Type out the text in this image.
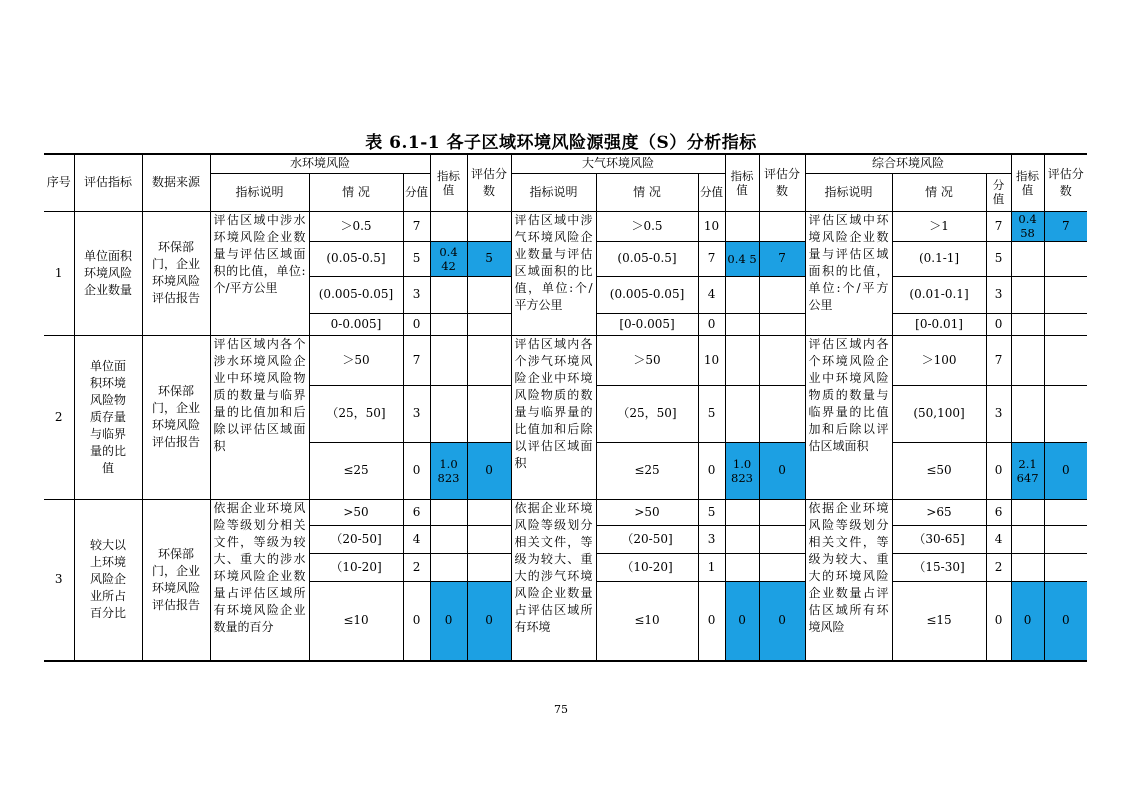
表 6.1-1 各子区域环境风险源强度（S）分析指标
序号	评估指标	数据来源	水环境风险			指标值	评估分数	大气环境风险			指标值	评估分数	综合环境风险			指标值	评估分数
			指标说明	情 况	分值			指标说明	情 况	分值			指标说明	情 况	分值		
1	单位面积环境风险企业数量	环保部门，企业环境风险评估报告	评估区域中涉水环境风险企业数量与评估区域面积的比值，单位:个/平方公里	＞0.5	7			评估区域中涉气环境风险企业数量与评估区域面积的比值，单位:个/平方公里	＞0.5	10			评估区域中环境风险企业数量与评估区域面积的比值，单位:个/平方公里	＞1	7	0.4 58	7
				(0.05-0.5]	5	0.4 42	5		(0.05-0.5]	7	0.4 5	7		(0.1-1]	5		
				(0.005-0.05]	3				(0.005-0.05]	4				(0.01-0.1]	3		
				0-0.005]	0				[0-0.005]	0				[0-0.01]	0		
2	单位面积环境风险物质存量与临界量的比值	环保部门，企业环境风险评估报告	评估区域内各个涉水环境风险企业中环境风险物质的数量与临界量的比值加和后除以评估区域面积	＞50	7			评估区域内各个涉气环境风险企业中环境风险物质的数量与临界量的比值加和后除以评估区域面积	＞50	10			评估区域内各个环境风险企业中环境风险物质的数量与临界量的比值加和后除以评估区域面积	＞100	7		
				（25，50]	3				（25，50]	5				(50,100]	3		
				≤25	0	1.0 823	0		≤25	0	1.0 823	0		≤50	0	2.1 647	0
3	较大以上环境风险企业所占百分比	环保部门，企业环境风险评估报告	依据企业环境风险等级划分相关文件，等级为较大、重大的涉水环境风险企业数量占评估区域所有环境风险企业数量的百分	>50	6			依据企业环境风险等级划分相关文件，等级为较大、重大的涉气环境风险企业数量占评估区域所有环境	>50	5			依据企业环境风险等级划分相关文件，等级为较大、重大的环境风险企业数量占评估区域所有环境风险	>65	6		
				（20-50]	4				（20-50]	3				（30-65]	4		
				（10-20]	2				（10-20]	1				（15-30]	2		
				≤10	0	0	0		≤10	0	0	0		≤15	0	0	0
75
